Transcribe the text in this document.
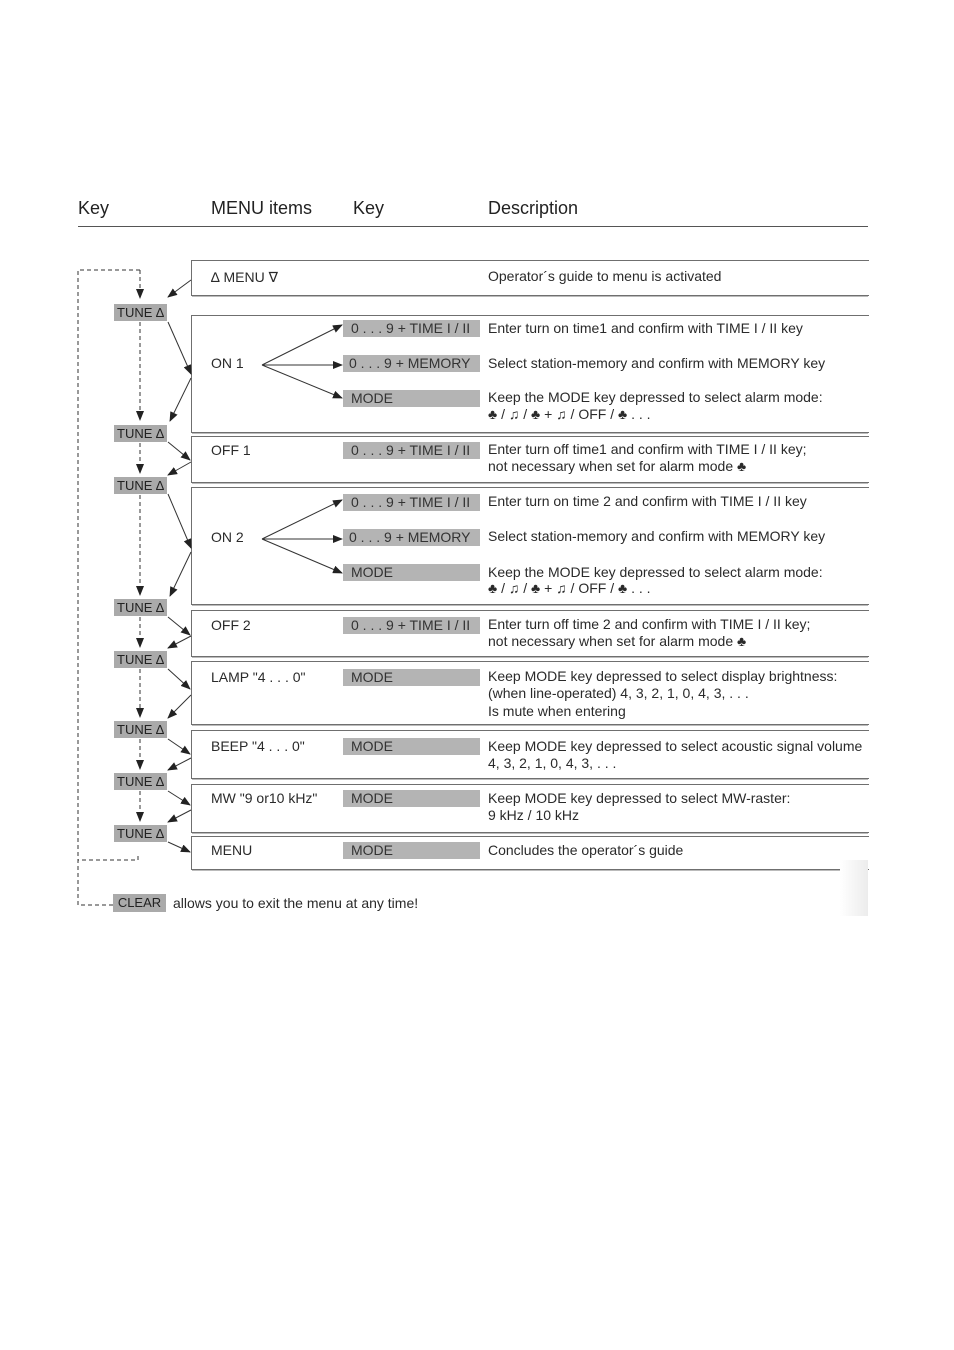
Key	MENU items Key	Description
∆ MENU ∇
ON 1
OFF 1
ON 2
OFF 2
LAMP "4 . . . 0"
BEEP "4 . . . 0"
MW "9 or10 kHz"
MENU
0 . . . 9 + TIME I / II
0 . . . 9 + MEMORY
MODE
0 . . . 9 + TIME I / II
0 . . . 9 + TIME I / II
0 . . . 9 + MEMORY
MODE
0 . . . 9 + TIME I / II
MODE
MODE
MODE
MODE
Operator´s guide to menu is activated
Enter turn on time1 and confirm with TIME I / II key
Select station-memory and confirm with MEMORY key
Keep the MODE key depressed to select alarm mode:
♣ / ♫ / ♣ + ♫ / OFF / ♣ . . .
Enter turn off time1 and confirm with TIME I / II key;
not necessary when set for alarm mode ♣
Enter turn on time 2 and confirm with TIME I / II key
Select station-memory and confirm with MEMORY key
Keep the MODE key depressed to select alarm mode:
♣ / ♫ / ♣ + ♫ / OFF / ♣ . . .
Enter turn off time 2 and confirm with TIME I / II key;
not necessary when set for alarm mode ♣
Keep MODE key depressed to select display brightness:
(when line-operated) 4, 3, 2, 1, 0, 4, 3, . . .
Is mute when entering
Keep MODE key depressed to select acoustic signal volume
4, 3, 2, 1, 0, 4, 3, . . .
Keep MODE key depressed to select MW-raster:
9 kHz / 10 kHz
Concludes the operator´s guide
TUNE ∆
TUNE ∆
TUNE ∆
TUNE ∆
TUNE ∆
TUNE ∆
TUNE ∆
TUNE ∆
CLEAR allows you to exit the menu at any time!
